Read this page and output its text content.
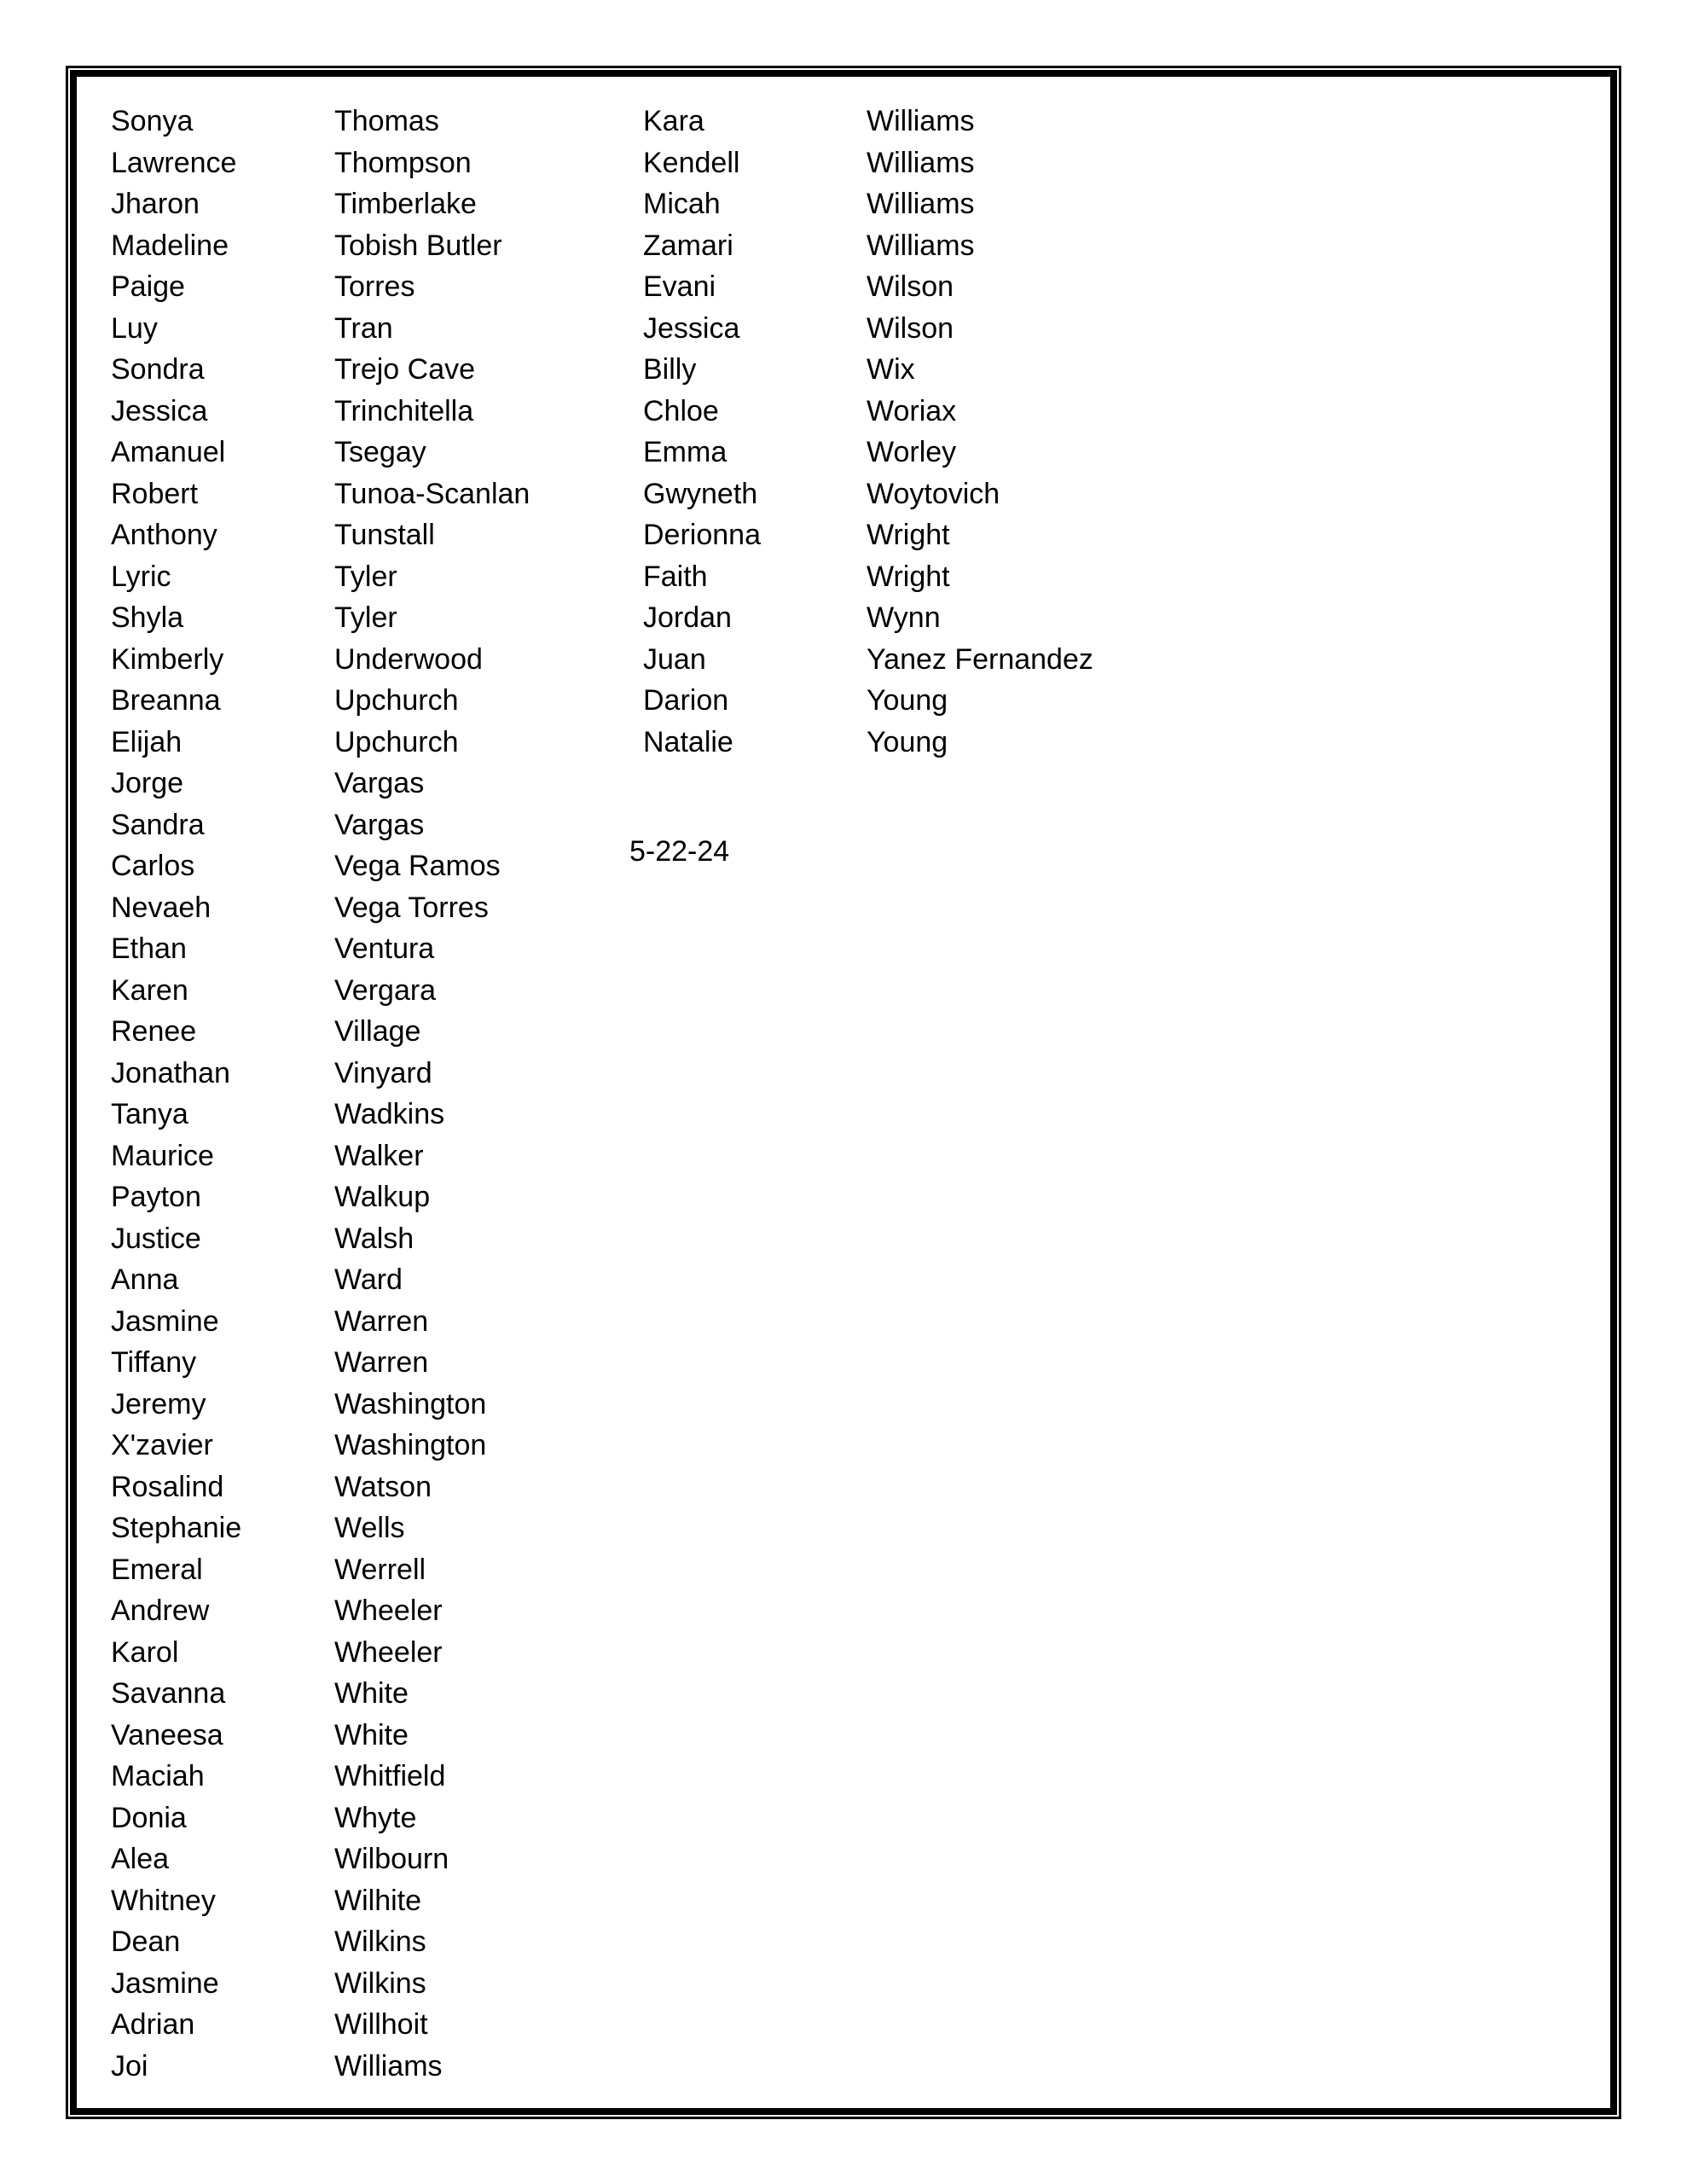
Sonya
Lawrence
Jharon
Madeline
Paige
Luy
Sondra
Jessica
Amanuel
Robert
Anthony
Lyric
Shyla
Kimberly
Breanna
Elijah
Jorge
Sandra
Carlos
Nevaeh
Ethan
Karen
Renee
Jonathan
Tanya
Maurice
Payton
Justice
Anna
Jasmine
Tiffany
Jeremy
X'zavier
Rosalind
Stephanie
Emeral
Andrew
Karol
Savanna
Vaneesa
Maciah
Donia
Alea
Whitney
Dean
Jasmine
Adrian
Joi
Thomas
Thompson
Timberlake
Tobish Butler
Torres
Tran
Trejo Cave
Trinchitella
Tsegay
Tunoa-Scanlan
Tunstall
Tyler
Tyler
Underwood
Upchurch
Upchurch
Vargas
Vargas
Vega Ramos
Vega Torres
Ventura
Vergara
Village
Vinyard
Wadkins
Walker
Walkup
Walsh
Ward
Warren
Warren
Washington
Washington
Watson
Wells
Werrell
Wheeler
Wheeler
White
White
Whitfield
Whyte
Wilbourn
Wilhite
Wilkins
Wilkins
Willhoit
Williams
Kara
Kendell
Micah
Zamari
Evani
Jessica
Billy
Chloe
Emma
Gwyneth
Derionna
Faith
Jordan
Juan
Darion
Natalie
Williams
Williams
Williams
Williams
Wilson
Wilson
Wix
Woriax
Worley
Woytovich
Wright
Wright
Wynn
Yanez Fernandez
Young
Young
5-22-24
